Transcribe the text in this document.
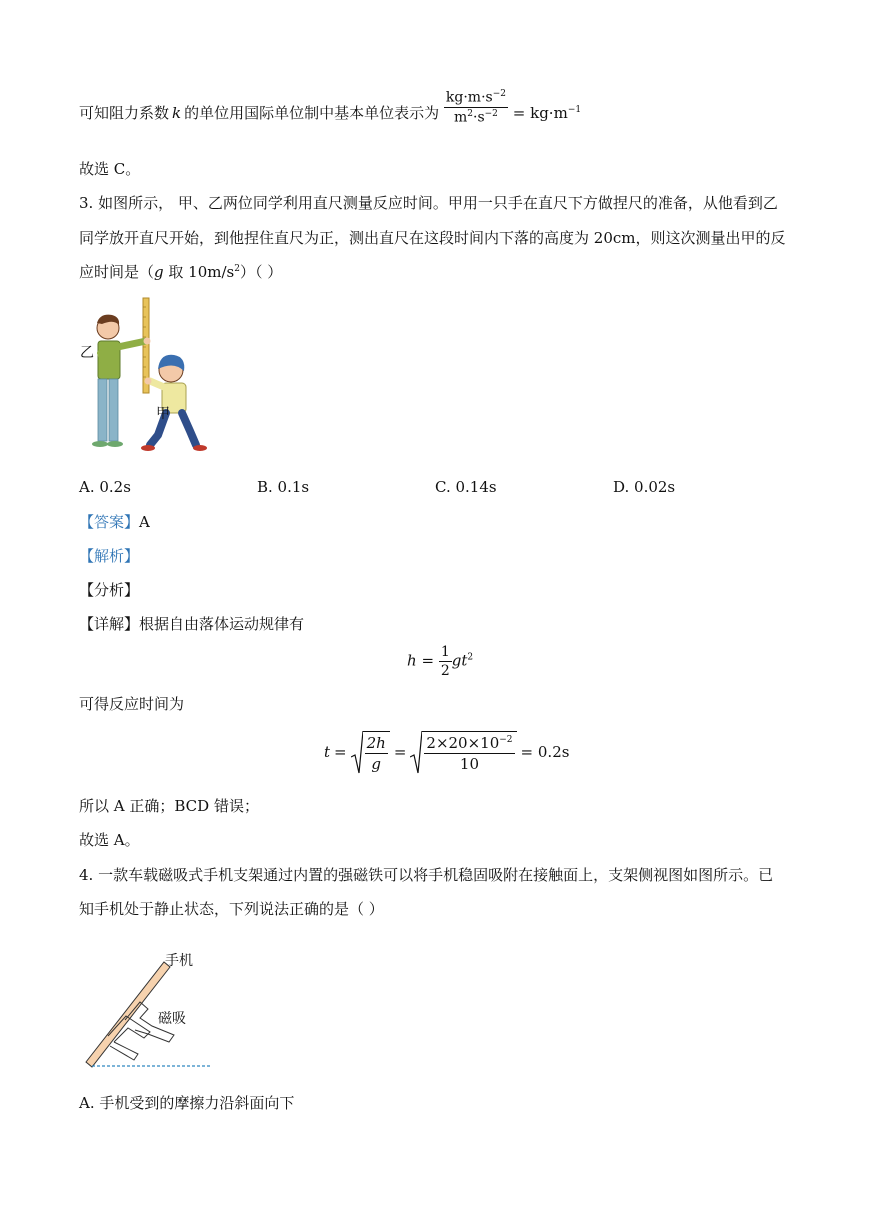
可知阻力系数 k 的单位用国际单位制中基本单位表示为 $\frac{kg\cdot m\cdot s^{-2}}{m^2\cdot s^{-2}} = kg\cdot m^{-1}$
故选 C。
3. 如图所示， 甲、乙两位同学利用直尺测量反应时间。甲用一只手在直尺下方做捏尺的准备，从他看到乙
同学放开直尺开始，到他捏住直尺为正，测出直尺在这段时间内下落的高度为 20cm，则这次测量出甲的反
应时间是（g 取 $10m/s^2$）（ ）
乙
甲
A. 0.2s	B. 0.1s	C. 0.14s	D. 0.02s
【答案】A
【解析】
【分析】
【详解】根据自由落体运动规律有
$h = \frac{1}{2} gt^2$
可得反应时间为
$t = \frac{2h}{g} = \frac{2\times 20\times 10^{-2}}{10} = 0.2s$
所以 A 正确；BCD 错误；
故选 A。
4. 一款车载磁吸式手机支架通过内置的强磁铁可以将手机稳固吸附在接触面上，支架侧视图如图所示。已
知手机处于静止状态，下列说法正确的是（ ）
手机
磁吸
A. 手机受到的摩擦力沿斜面向下
